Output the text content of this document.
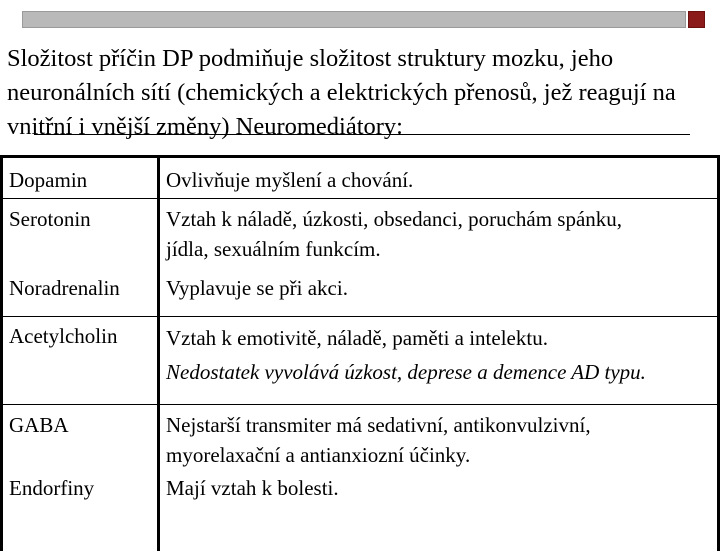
Složitost příčin DP podmiňuje složitost struktury mozku, jeho neuronálních sítí (chemických a elektrických přenosů, jež reagují na vnitřní i vnější změny) Neuromediátory:

Dopamin	Ovlivňuje myšlení a chování.

Serotonin	Vztah k náladě, úzkosti, obsedanci, poruchám spánku,
jídla, sexuálním funkcím.

Noradrenalin	Vyplavuje se při akci.

Acetylcholin	Vztah k emotivitě, náladě, paměti a intelektu.
Nedostatek vyvolává úzkost, deprese a demence AD typu.

GABA	Nejstarší transmiter má sedativní, antikonvulzivní,
myorelaxační a antianxiozní účinky.

Endorfiny	Mají vztah k bolesti.
